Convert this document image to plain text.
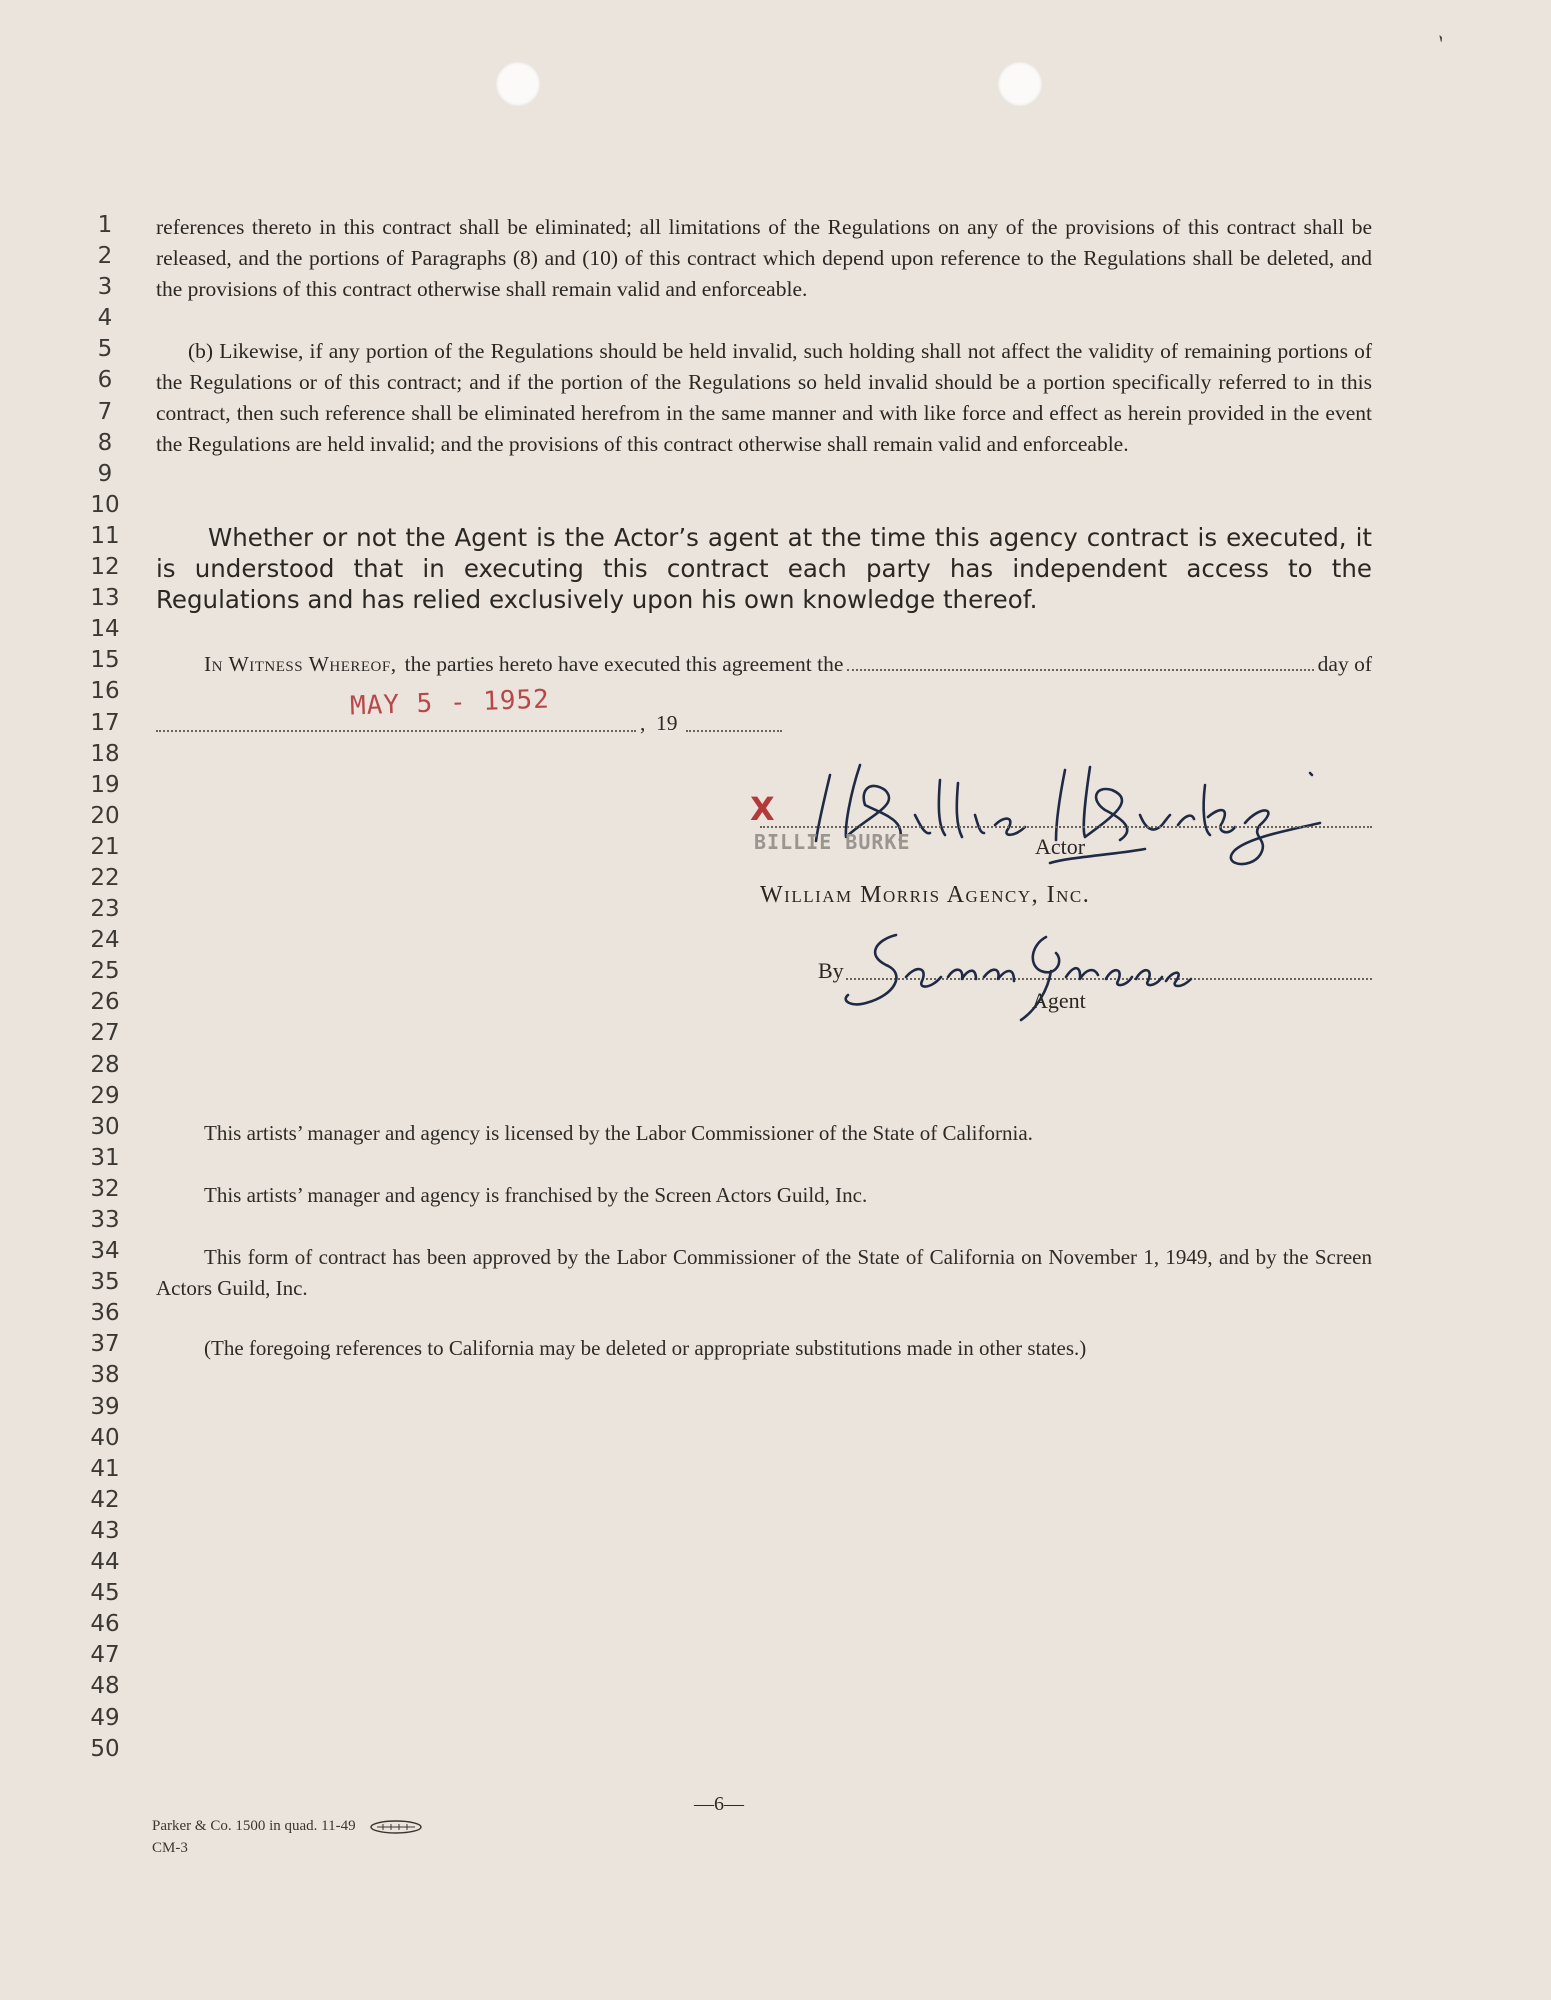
`
1
2
3
4
5
6
7
8
9
10
11
12
13
14
15
16
17
18
19
20
21
22
23
24
25
26
27
28
29
30
31
32
33
34
35
36
37
38
39
40
41
42
43
44
45
46
47
48
49
50

references thereto in this contract shall be eliminated; all limitations of the Regulations on any of the provisions of this contract shall be released, and the portions of Paragraphs (8) and (10) of this contract which depend upon reference to the Regulations shall be deleted, and the provisions of this contract otherwise shall remain valid and enforceable.

(b) Likewise, if any portion of the Regulations should be held invalid, such holding shall not affect the validity of remaining portions of the Regulations or of this contract; and if the portion of the Regulations so held invalid should be a portion specifically referred to in this contract, then such reference shall be eliminated herefrom in the same manner and with like force and effect as herein provided in the event the Regulations are held invalid; and the provisions of this contract otherwise shall remain valid and enforceable.

Whether or not the Agent is the Actor’s agent at the time this agency contract is executed, it is understood that in executing this contract each party has independent access to the Regulations and has relied exclusively upon his own knowledge thereof.
In Witness Whereof, the parties hereto have executed this agreement the	day of
MAY 5 - 1952
, 19
X
BILLIE BURKE	Actor
William Morris Agency, Inc.
By
Agent
This artists’ manager and agency is licensed by the Labor Commissioner of the State of California.
This artists’ manager and agency is franchised by the Screen Actors Guild, Inc.
This form of contract has been approved by the Labor Commissioner of the State of California on November 1, 1949, and by the Screen Actors Guild, Inc.
(The foregoing references to California may be deleted or appropriate substitutions made in other states.)
—6—
Parker & Co. 1500 in quad. 11-49
CM-3
